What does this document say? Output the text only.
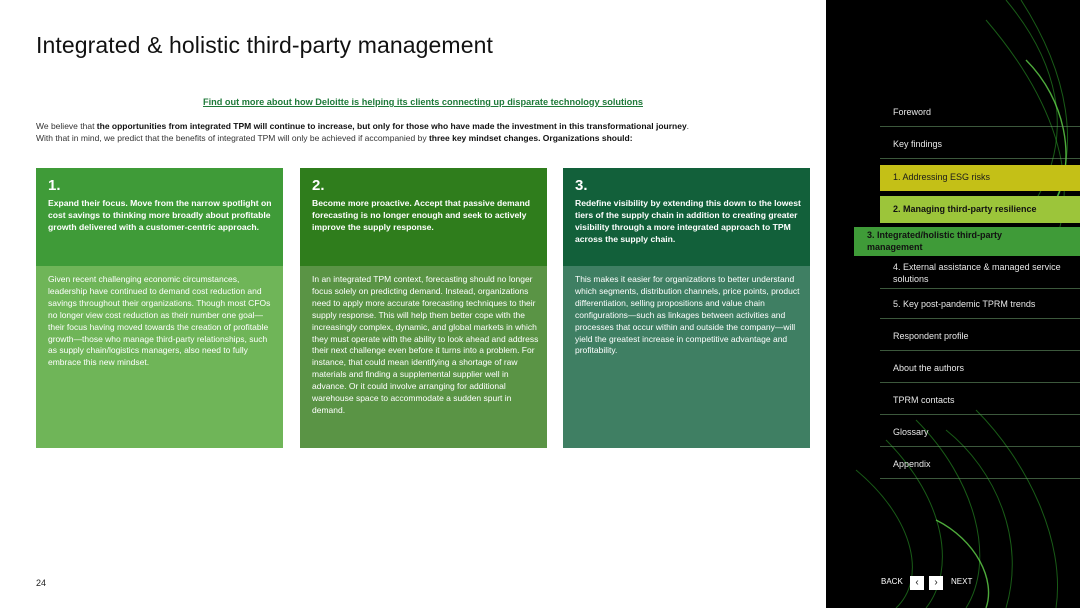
Integrated & holistic third-party management
Find out more about how Deloitte is helping its clients connecting up disparate technology solutions
We believe that the opportunities from integrated TPM will continue to increase, but only for those who have made the investment in this transformational journey.
With that in mind, we predict that the benefits of integrated TPM will only be achieved if accompanied by three key mindset changes. Organizations should:
1.
Expand their focus. Move from the narrow spotlight on cost savings to thinking more broadly about profitable growth delivered with a customer-centric approach.
Given recent challenging economic circumstances, leadership have continued to demand cost reduction and savings throughout their organizations. Though most CFOs no longer view cost reduction as their number one goal—their focus having moved towards the creation of profitable growth—those who manage third-party relationships, such as supply chain/logistics managers, also need to fully embrace this new mindset.
2.
Become more proactive. Accept that passive demand forecasting is no longer enough and seek to actively improve the supply response.
In an integrated TPM context, forecasting should no longer focus solely on predicting demand. Instead, organizations need to apply more accurate forecasting techniques to their supply response. This will help them better cope with the increasingly complex, dynamic, and global markets in which they must operate with the ability to look ahead and address their next challenge even before it turns into a problem. For instance, that could mean identifying a shortage of raw materials and finding a supplemental supplier well in advance. Or it could involve arranging for additional warehouse space to accommodate a sudden spurt in demand.
3.
Redefine visibility by extending this down to the lowest tiers of the supply chain in addition to creating greater visibility through a more integrated approach to TPM across the supply chain.
This makes it easier for organizations to better understand which segments, distribution channels, price points, product differentiation, selling propositions and value chain configurations—such as linkages between activities and processes that occur within and outside the company—will yield the greatest increase in competitive advantage and profitability.
24
Foreword
Key findings
1. Addressing ESG risks
2. Managing third-party resilience
3. Integrated/holistic third-party management
4. External assistance & managed service solutions
5. Key post-pandemic TPRM trends
Respondent profile
About the authors
TPRM contacts
Glossary
Appendix
BACK	‹	›	NEXT
